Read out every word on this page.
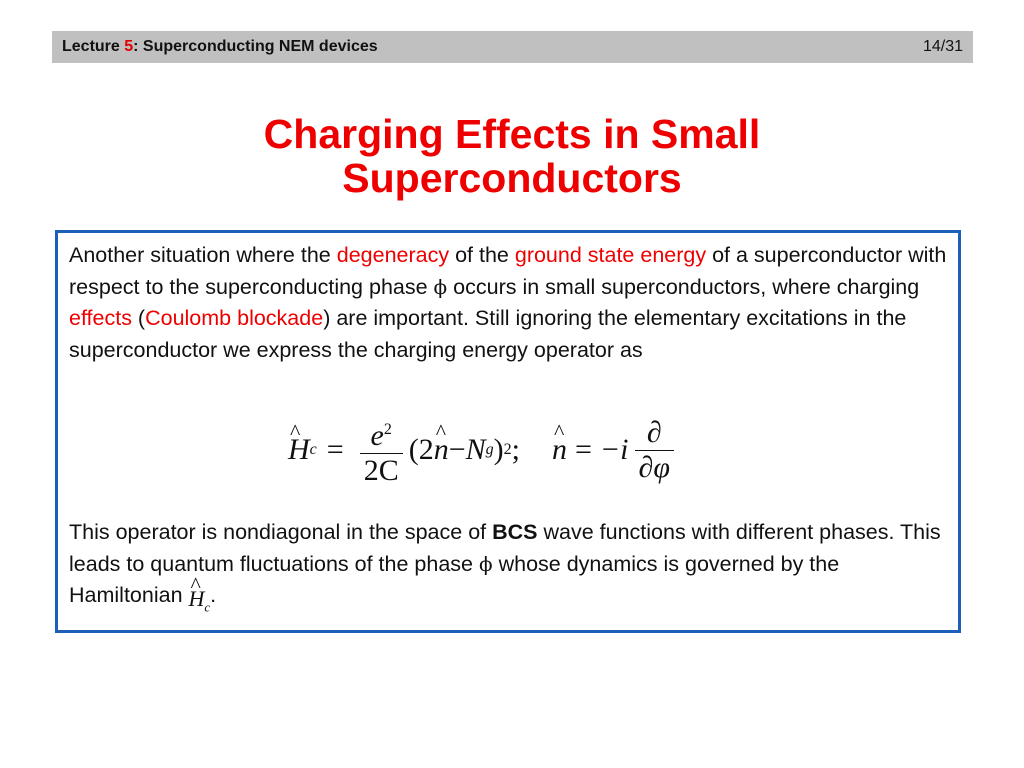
Lecture 5 : Superconducting NEM devices	14/31
Charging Effects in Small
Superconductors
Another situation where the degeneracy of the ground state energy of a superconductor with respect to the superconducting phase ϕ occurs in small superconductors, where charging effects (Coulomb blockade) are important. Still ignoring the elementary excitations in the superconductor we express the charging energy operator as
^ H $c = \frac{e^2}{2C} (2$ ^ n − N g ) 2 ; ^ $n = -i \frac{\partial}{\partial\varphi}$
This operator is nondiagonal in the space of BCS wave functions with different phases. This leads to quantum fluctuations of the phase ϕ whose dynamics is governed by the Hamiltonian ^ $H_c$.
